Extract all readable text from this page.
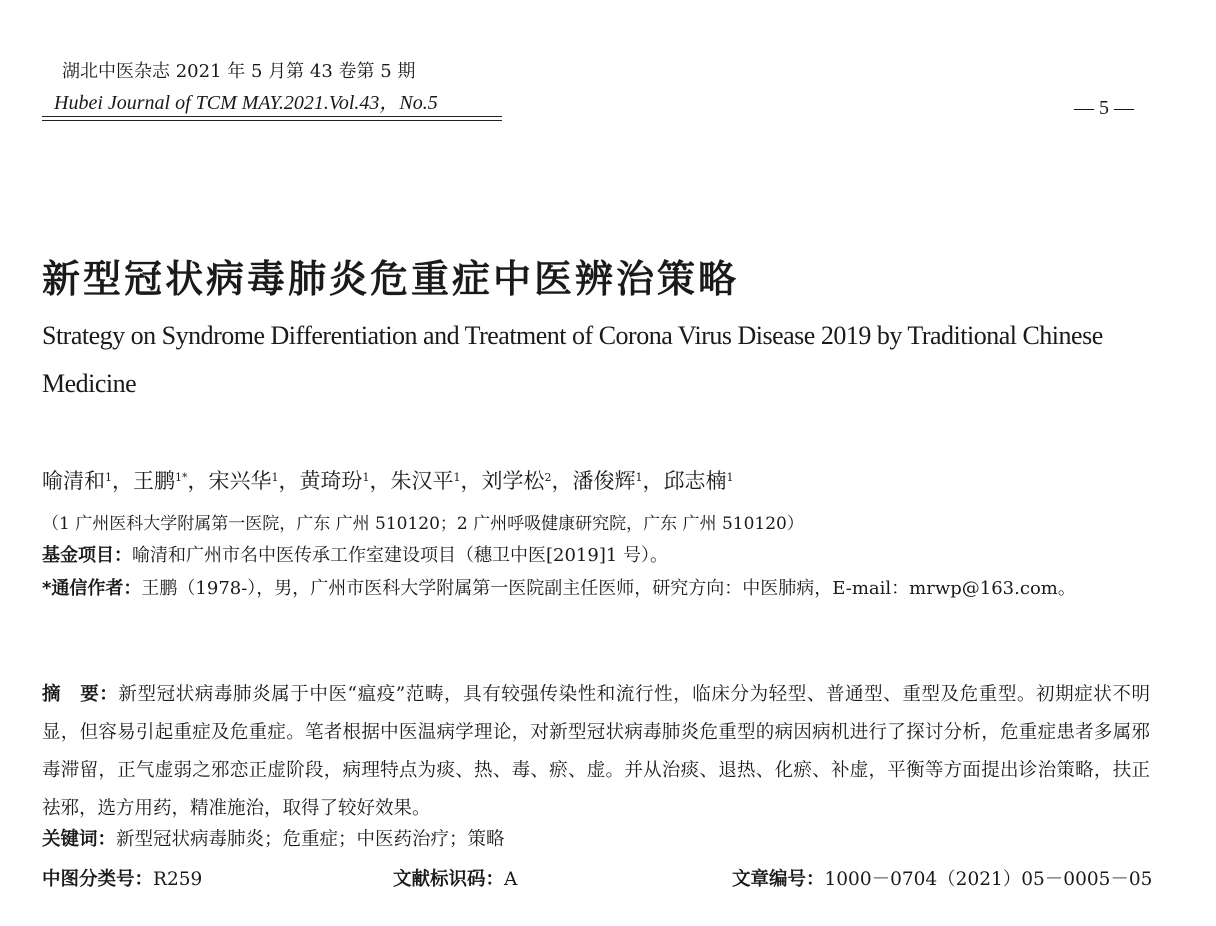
湖北中医杂志 2021 年 5 月第 43 卷第 5 期
Hubei Journal of TCM MAY.2021.Vol.43，No.5	— 5 —
新型冠状病毒肺炎危重症中医辨治策略
Strategy on Syndrome Differentiation and Treatment of Corona Virus Disease 2019 by Traditional Chinese Medicine
喻清和$^1$，王鹏$^{1*}$，宋兴华$^1$，黄琦玢$^1$，朱汉平$^1$，刘学松$^2$，潘俊辉$^1$，邱志楠$^1$
（1 广州医科大学附属第一医院，广东 广州 510120；2 广州呼吸健康研究院，广东 广州 510120）
基金项目：喻清和广州市名中医传承工作室建设项目（穗卫中医[2019]1 号）。
*通信作者：王鹏（1978-），男，广州市医科大学附属第一医院副主任医师，研究方向：中医肺病，E-mail：mrwp@163.com。
摘　要：新型冠状病毒肺炎属于中医“瘟疫”范畴，具有较强传染性和流行性，临床分为轻型、普通型、重型及危重型。初期症状不明显，但容易引起重症及危重症。笔者根据中医温病学理论，对新型冠状病毒肺炎危重型的病因病机进行了探讨分析，危重症患者多属邪毒滞留，正气虚弱之邪恋正虚阶段，病理特点为痰、热、毒、瘀、虚。并从治痰、退热、化瘀、补虚，平衡等方面提出诊治策略，扶正祛邪，选方用药，精准施治，取得了较好效果。
关键词：新型冠状病毒肺炎；危重症；中医药治疗；策略
中图分类号：R259	文献标识码：A	文章编号：1000－0704（2021）05－0005－05
